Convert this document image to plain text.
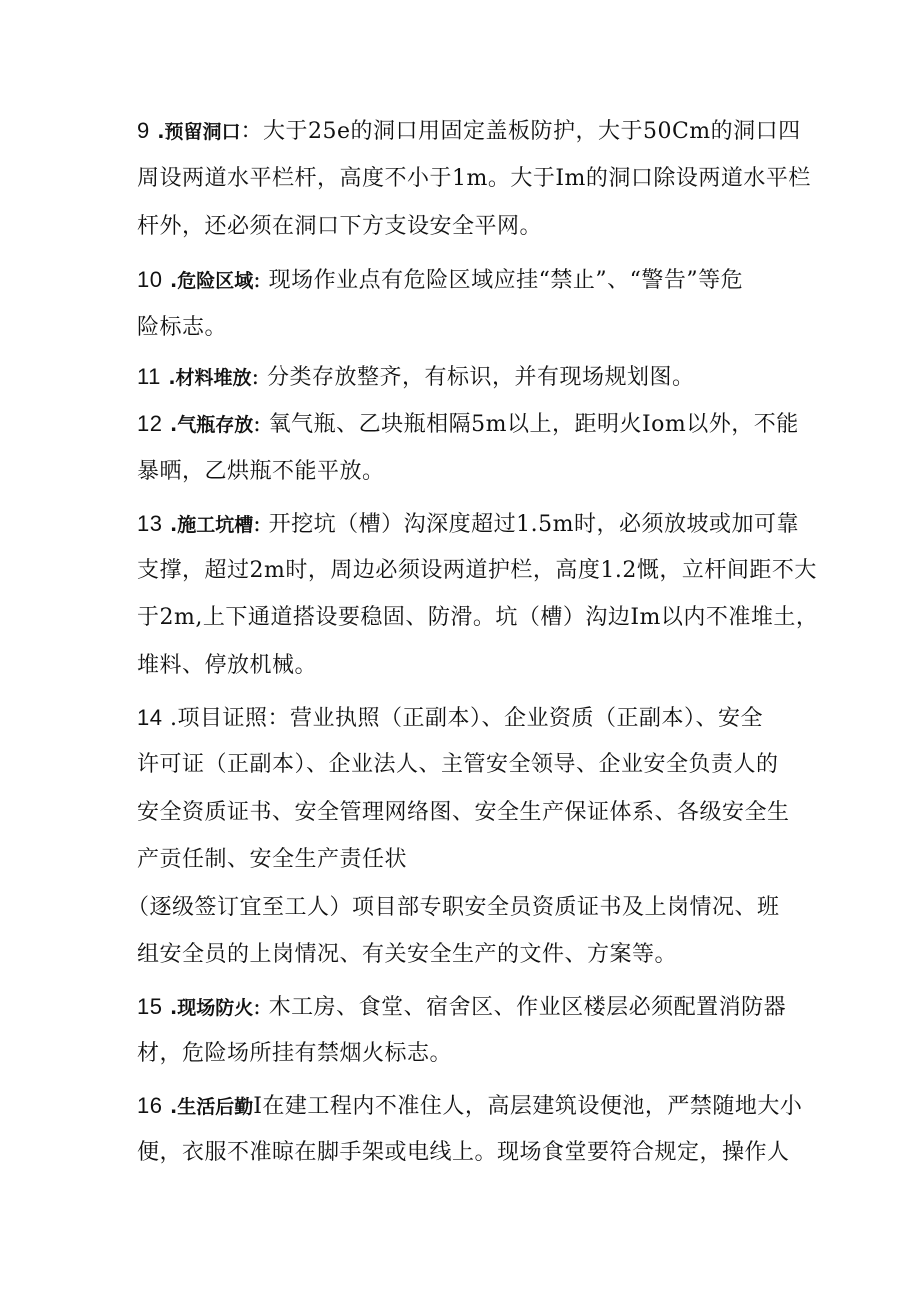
9 .预留洞口：大于25e的洞口用固定盖板防护，大于50Cm的洞口四
周设两道水平栏杆，高度不小于1m。大于Im的洞口除设两道水平栏
杆外，还必须在洞口下方支设安全平网。
10 .危险区域: 现场作业点有危险区域应挂“禁止”、“警告”等危
险标志。
11 .材料堆放: 分类存放整齐，有标识，并有现场规划图。
12 .气瓶存放: 氧气瓶、乙块瓶相隔5m以上，距明火Iom以外，不能
暴晒，乙烘瓶不能平放。
13 .施工坑槽: 开挖坑（槽）沟深度超过1.5m时，必须放坡或加可靠
支撑，超过2m时，周边必须设两道护栏，高度1.2慨，立杆间距不大
于2m,上下通道搭设要稳固、防滑。坑（槽）沟边Im以内不准堆土，
堆料、停放机械。
14 .项目证照：营业执照（正副本）、企业资质（正副本）、安全
许可证（正副本）、企业法人、主管安全领导、企业安全负责人的
安全资质证书、安全管理网络图、安全生产保证体系、各级安全生
产贡任制、安全生产责任状
（逐级签订宜至工人）项目部专职安全员资质证书及上岗情况、班
组安全员的上岗情况、有关安全生产的文件、方案等。
15 .现场防火: 木工房、食堂、宿舍区、作业区楼层必须配置消防器
材，危险场所挂有禁烟火标志。
16 .生活后勤I在建工程内不准住人，高层建筑设便池，严禁随地大小
便，衣服不准晾在脚手架或电线上。现场食堂要符合规定，操作人
